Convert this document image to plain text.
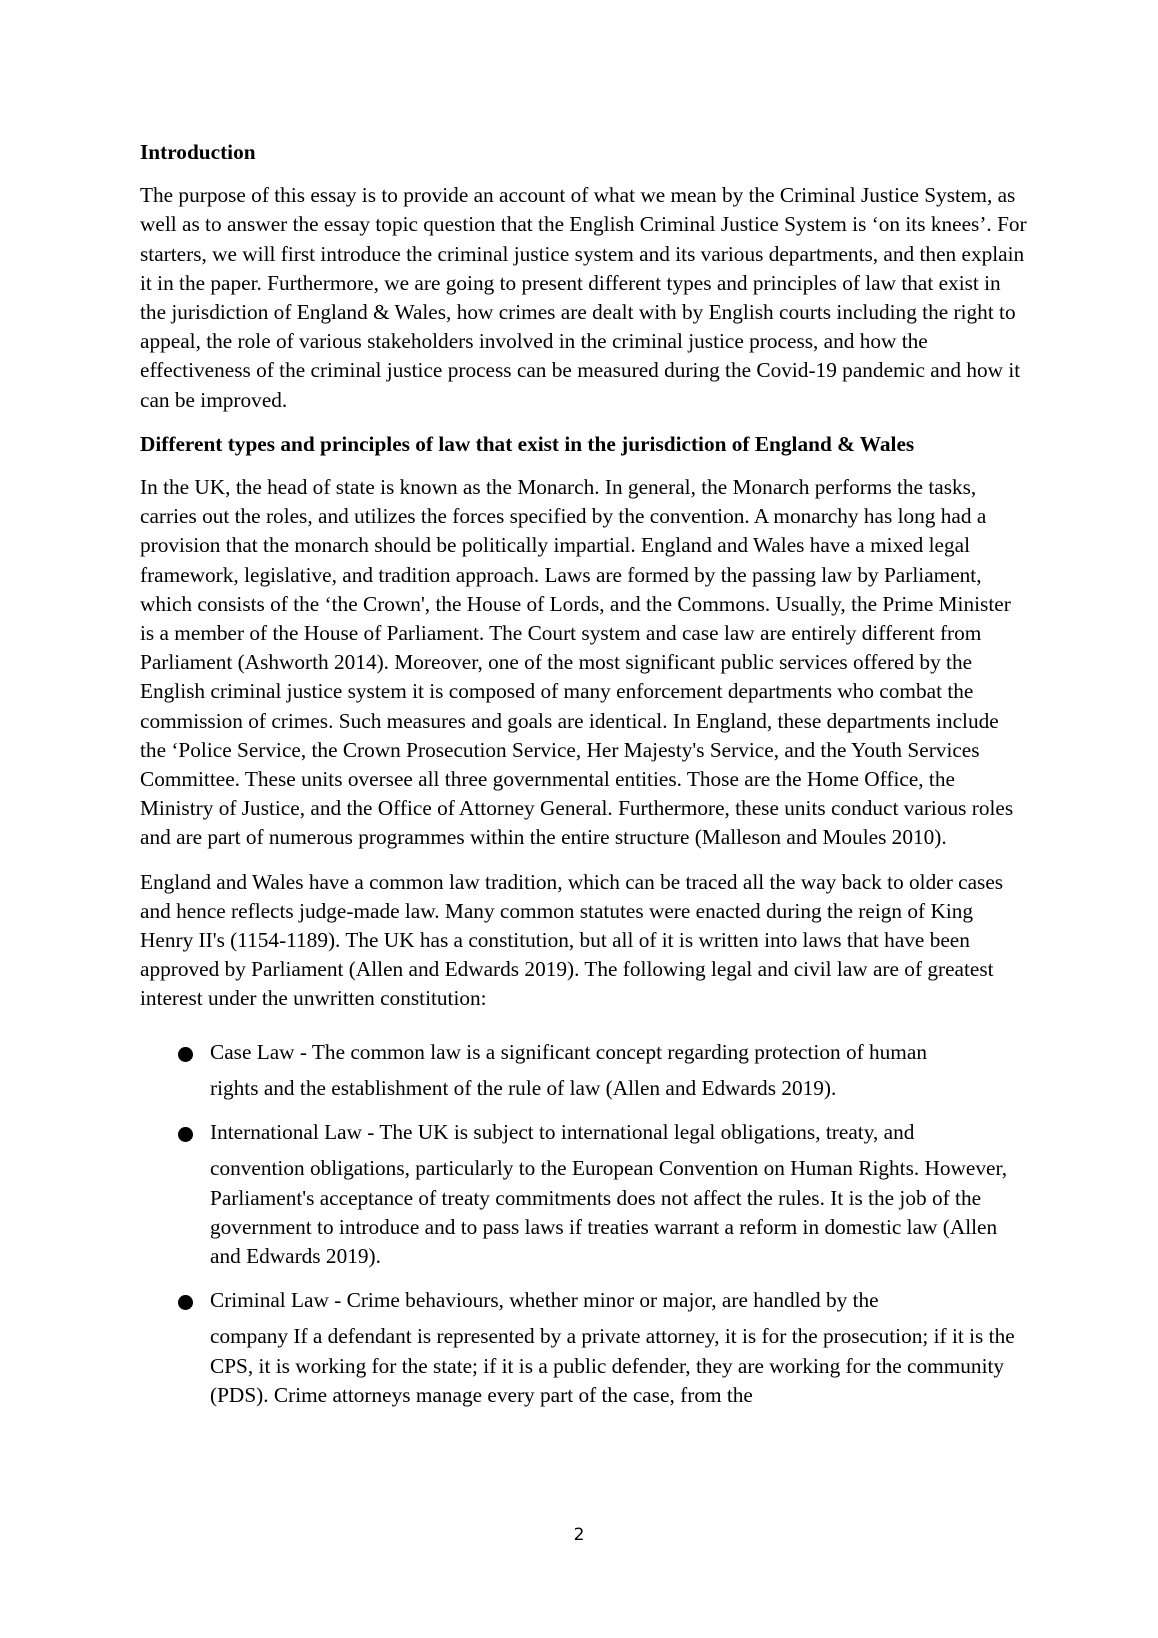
Introduction

The purpose of this essay is to provide an account of what we mean by the Criminal Justice System, as well as to answer the essay topic question that the English Criminal Justice System is ‘on its knees’. For starters, we will first introduce the criminal justice system and its various departments, and then explain it in the paper. Furthermore, we are going to present different types and principles of law that exist in the jurisdiction of England & Wales, how crimes are dealt with by English courts including the right to appeal, the role of various stakeholders involved in the criminal justice process, and how the effectiveness of the criminal justice process can be measured during the Covid-19 pandemic and how it can be improved.

Different types and principles of law that exist in the jurisdiction of England & Wales

In the UK, the head of state is known as the Monarch. In general, the Monarch performs the tasks, carries out the roles, and utilizes the forces specified by the convention. A monarchy has long had a provision that the monarch should be politically impartial. England and Wales have a mixed legal framework, legislative, and tradition approach. Laws are formed by the passing law by Parliament, which consists of the ‘the Crown', the House of Lords, and the Commons. Usually, the Prime Minister is a member of the House of Parliament. The Court system and case law are entirely different from Parliament (Ashworth 2014). Moreover, one of the most significant public services offered by the English criminal justice system it is composed of many enforcement departments who combat the commission of crimes. Such measures and goals are identical. In England, these departments include the ‘Police Service, the Crown Prosecution Service, Her Majesty's Service, and the Youth Services Committee. These units oversee all three governmental entities. Those are the Home Office, the Ministry of Justice, and the Office of Attorney General. Furthermore, these units conduct various roles and are part of numerous programmes within the entire structure (Malleson and Moules 2010).

England and Wales have a common law tradition, which can be traced all the way back to older cases and hence reflects judge-made law. Many common statutes were enacted during the reign of King Henry II's (1154-1189). The UK has a constitution, but all of it is written into laws that have been approved by Parliament (Allen and Edwards 2019). The following legal and civil law are of greatest interest under the unwritten constitution:

Case Law - The common law is a significant concept regarding protection of human
rights and the establishment of the rule of law (Allen and Edwards 2019).
International Law - The UK is subject to international legal obligations, treaty, and
convention obligations, particularly to the European Convention on Human Rights. However, Parliament's acceptance of treaty commitments does not affect the rules. It is the job of the government to introduce and to pass laws if treaties warrant a reform in domestic law (Allen and Edwards 2019).
Criminal Law - Crime behaviours, whether minor or major, are handled by the
company If a defendant is represented by a private attorney, it is for the prosecution; if it is the CPS, it is working for the state; if it is a public defender, they are working for the community (PDS). Crime attorneys manage every part of the case, from the
2
